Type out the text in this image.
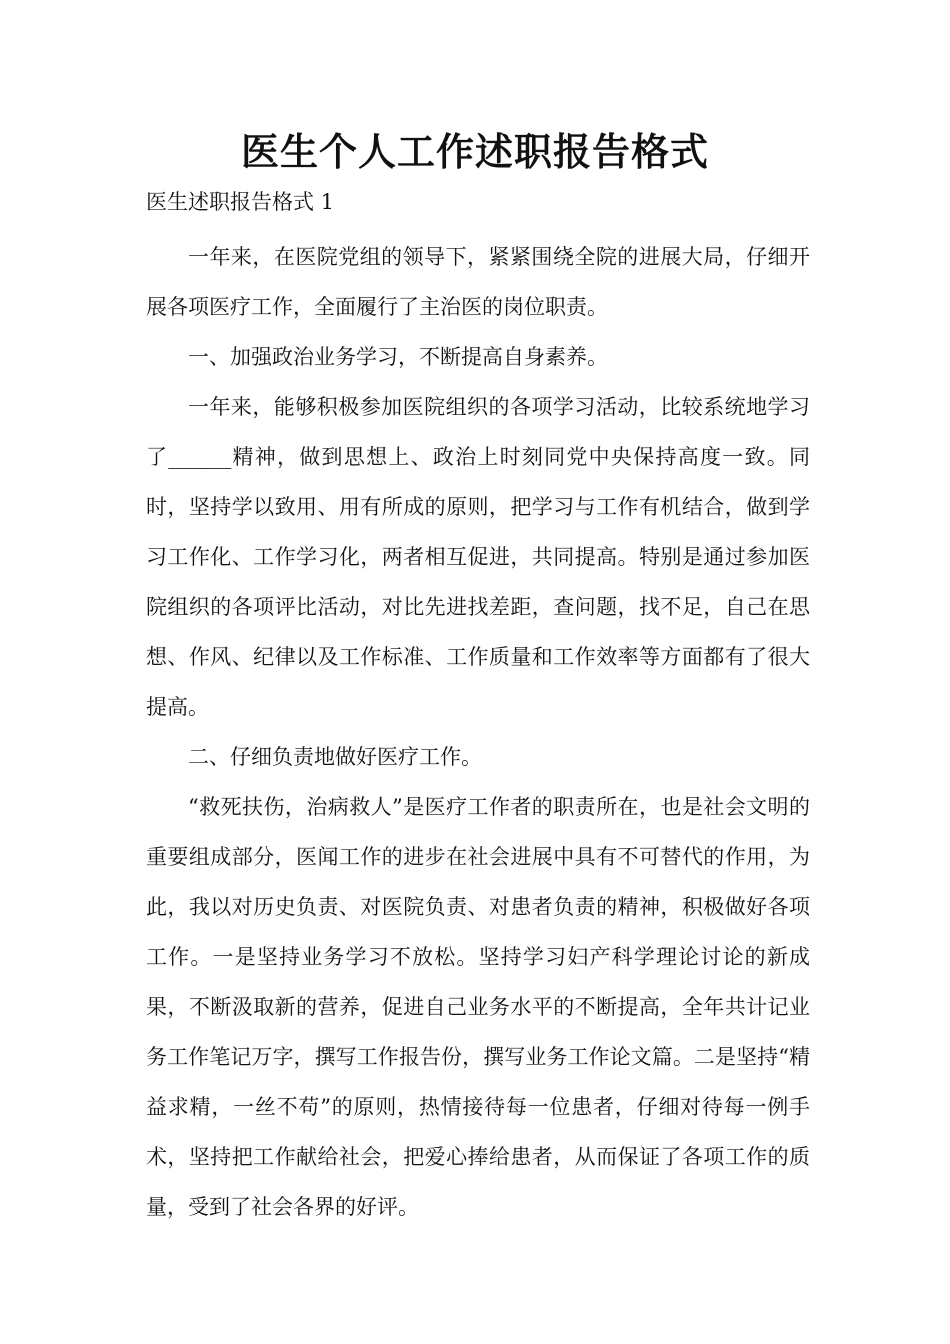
医生个人工作述职报告格式

医生述职报告格式 1

一年来，在医院党组的领导下，紧紧围绕全院的进展大局，仔细开展各项医疗工作，全面履行了主治医的岗位职责。

一、加强政治业务学习，不断提高自身素养。

一年来，能够积极参加医院组织的各项学习活动，比较系统地学习了______精神，做到思想上、政治上时刻同党中央保持高度一致。同时，坚持学以致用、用有所成的原则，把学习与工作有机结合，做到学习工作化、工作学习化，两者相互促进，共同提高。特别是通过参加医院组织的各项评比活动，对比先进找差距，查问题，找不足，自己在思想、作风、纪律以及工作标准、工作质量和工作效率等方面都有了很大提高。

二、仔细负责地做好医疗工作。

“救死扶伤，治病救人”是医疗工作者的职责所在，也是社会文明的重要组成部分，医闻工作的进步在社会进展中具有不可替代的作用，为此，我以对历史负责、对医院负责、对患者负责的精神，积极做好各项工作。一是坚持业务学习不放松。坚持学习妇产科学理论讨论的新成果，不断汲取新的营养，促进自己业务水平的不断提高，全年共计记业务工作笔记万字，撰写工作报告份，撰写业务工作论文篇。二是坚持“精益求精，一丝不苟”的原则，热情接待每一位患者，仔细对待每一例手术，坚持把工作献给社会，把爱心捧给患者，从而保证了各项工作的质量，受到了社会各界的好评。
